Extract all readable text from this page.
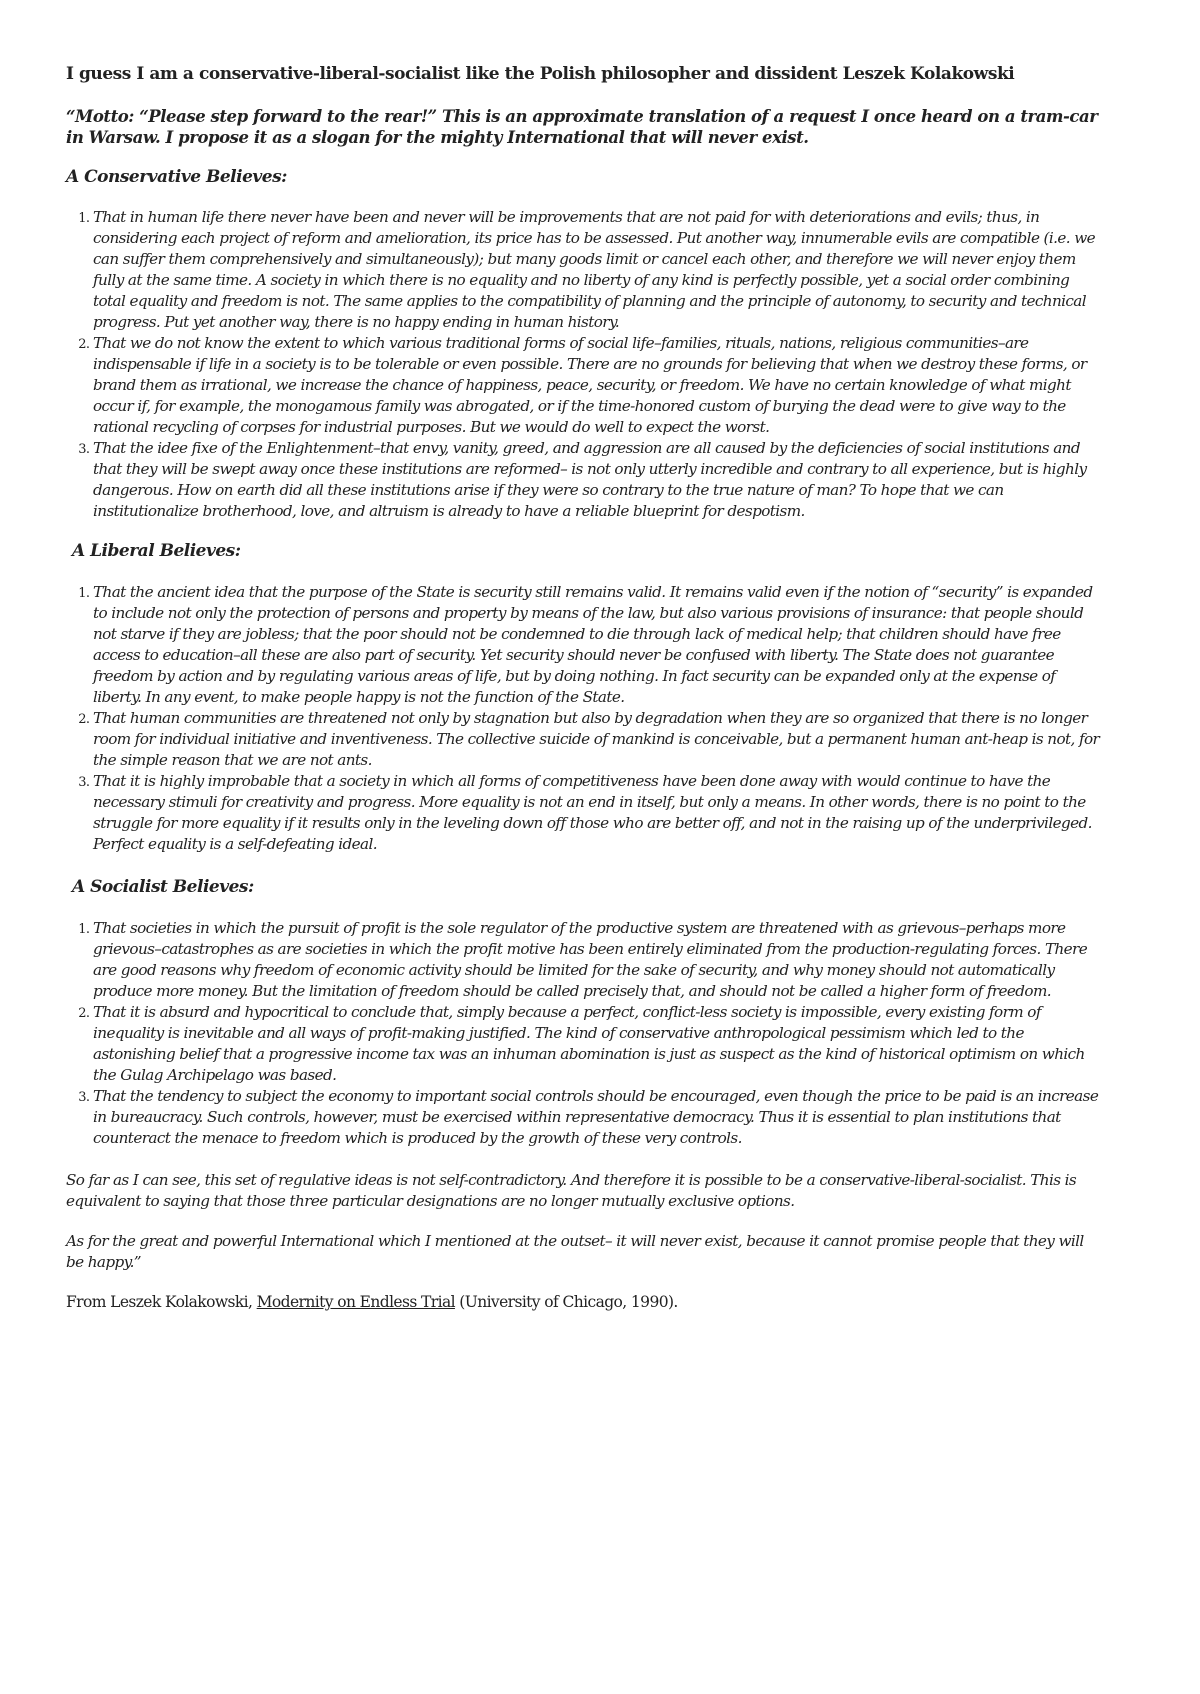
I guess I am a conservative-liberal-socialist like the Polish philosopher and dissident Leszek Kolakowski

“Motto: “Please step forward to the rear!” This is an approximate translation of a request I once heard on a tram-car in Warsaw. I propose it as a slogan for the mighty International that will never exist.

A Conservative Believes:
1. That in human life there never have been and never will be improvements that are not paid for with deteriorations and evils; thus, in considering each project of reform and amelioration, its price has to be assessed. Put another way, innumerable evils are compatible (i.e. we can suffer them comprehensively and simultaneously); but many goods limit or cancel each other, and therefore we will never enjoy them fully at the same time. A society in which there is no equality and no liberty of any kind is perfectly possible, yet a social order combining total equality and freedom is not. The same applies to the compatibility of planning and the principle of autonomy, to security and technical progress. Put yet another way, there is no happy ending in human history.
2. That we do not know the extent to which various traditional forms of social life–families, rituals, nations, religious communities–are indispensable if life in a society is to be tolerable or even possible. There are no grounds for believing that when we destroy these forms, or brand them as irrational, we increase the chance of happiness, peace, security, or freedom. We have no certain knowledge of what might occur if, for example, the monogamous family was abrogated, or if the time-honored custom of burying the dead were to give way to the rational recycling of corpses for industrial purposes. But we would do well to expect the worst.
3. That the idee fixe of the Enlightenment–that envy, vanity, greed, and aggression are all caused by the deficiencies of social institutions and that they will be swept away once these institutions are reformed– is not only utterly incredible and contrary to all experience, but is highly dangerous. How on earth did all these institutions arise if they were so contrary to the true nature of man? To hope that we can institutionalize brotherhood, love, and altruism is already to have a reliable blueprint for despotism.
A Liberal Believes:
1. That the ancient idea that the purpose of the State is security still remains valid. It remains valid even if the notion of “security” is expanded to include not only the protection of persons and property by means of the law, but also various provisions of insurance: that people should not starve if they are jobless; that the poor should not be condemned to die through lack of medical help; that children should have free access to education–all these are also part of security. Yet security should never be confused with liberty. The State does not guarantee freedom by action and by regulating various areas of life, but by doing nothing. In fact security can be expanded only at the expense of liberty. In any event, to make people happy is not the function of the State.
2. That human communities are threatened not only by stagnation but also by degradation when they are so organized that there is no longer room for individual initiative and inventiveness. The collective suicide of mankind is conceivable, but a permanent human ant-heap is not, for the simple reason that we are not ants.
3. That it is highly improbable that a society in which all forms of competitiveness have been done away with would continue to have the necessary stimuli for creativity and progress. More equality is not an end in itself, but only a means. In other words, there is no point to the struggle for more equality if it results only in the leveling down off those who are better off, and not in the raising up of the underprivileged. Perfect equality is a self-defeating ideal.
A Socialist Believes:
1. That societies in which the pursuit of profit is the sole regulator of the productive system are threatened with as grievous–perhaps more grievous–catastrophes as are societies in which the profit motive has been entirely eliminated from the production-regulating forces. There are good reasons why freedom of economic activity should be limited for the sake of security, and why money should not automatically produce more money. But the limitation of freedom should be called precisely that, and should not be called a higher form of freedom.
2. That it is absurd and hypocritical to conclude that, simply because a perfect, conflict-less society is impossible, every existing form of inequality is inevitable and all ways of profit-making justified. The kind of conservative anthropological pessimism which led to the astonishing belief that a progressive income tax was an inhuman abomination is just as suspect as the kind of historical optimism on which the Gulag Archipelago was based.
3. That the tendency to subject the economy to important social controls should be encouraged, even though the price to be paid is an increase in bureaucracy. Such controls, however, must be exercised within representative democracy. Thus it is essential to plan institutions that counteract the menace to freedom which is produced by the growth of these very controls.

So far as I can see, this set of regulative ideas is not self-contradictory. And therefore it is possible to be a conservative-liberal-socialist. This is equivalent to saying that those three particular designations are no longer mutually exclusive options.

As for the great and powerful International which I mentioned at the outset– it will never exist, because it cannot promise people that they will be happy.”

From Leszek Kolakowski, Modernity on Endless Trial (University of Chicago, 1990).
